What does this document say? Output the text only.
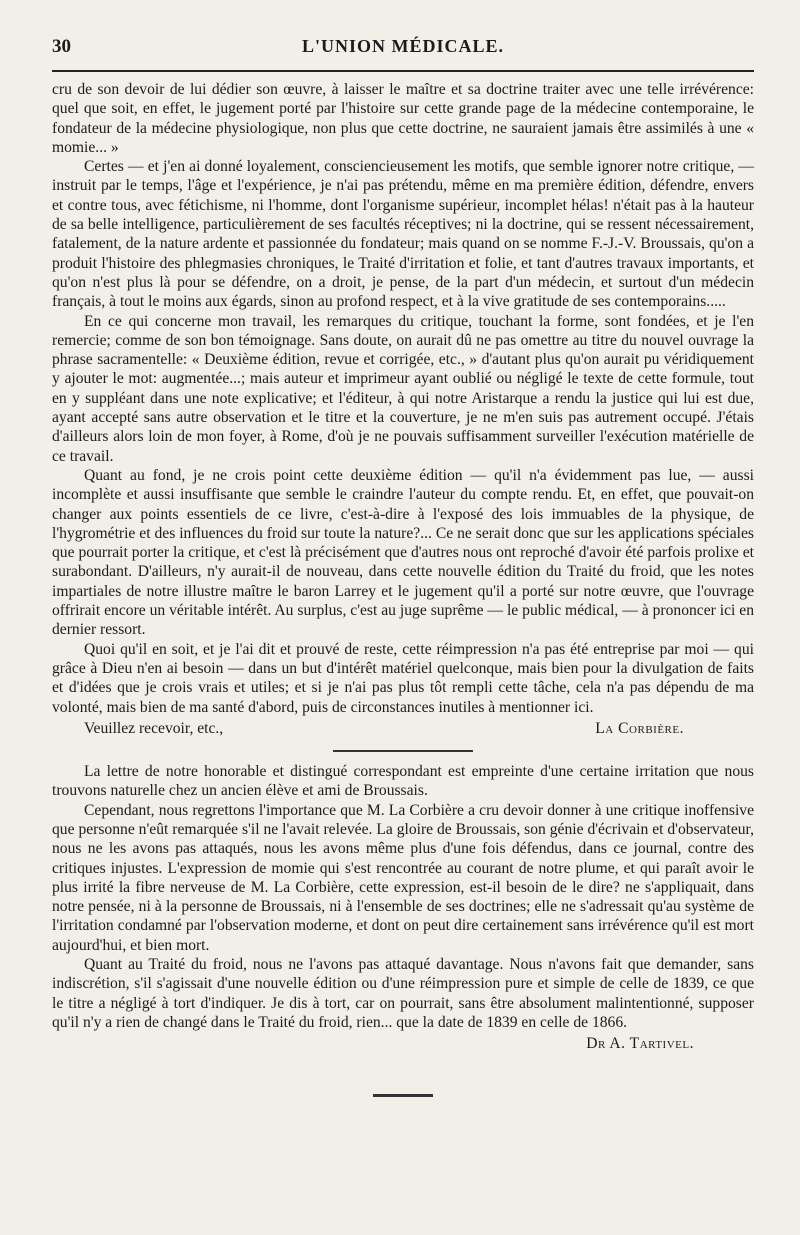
30	L'UNION MÉDICALE.

cru de son devoir de lui dédier son œuvre, à laisser le maître et sa doctrine traiter avec une telle irrévérence: quel que soit, en effet, le jugement porté par l'histoire sur cette grande page de la médecine contemporaine, le fondateur de la médecine physiologique, non plus que cette doctrine, ne sauraient jamais être assimilés à une « momie... »

Certes — et j'en ai donné loyalement, consciencieusement les motifs, que semble ignorer notre critique, — instruit par le temps, l'âge et l'expérience, je n'ai pas prétendu, même en ma première édition, défendre, envers et contre tous, avec fétichisme, ni l'homme, dont l'organisme supérieur, incomplet hélas! n'était pas à la hauteur de sa belle intelligence, particulièrement de ses facultés réceptives; ni la doctrine, qui se ressent nécessairement, fatalement, de la nature ardente et passionnée du fondateur; mais quand on se nomme F.-J.-V. Broussais, qu'on a produit l'histoire des phlegmasies chroniques, le Traité d'irritation et folie, et tant d'autres travaux importants, et qu'on n'est plus là pour se défendre, on a droit, je pense, de la part d'un médecin, et surtout d'un médecin français, à tout le moins aux égards, sinon au profond respect, et à la vive gratitude de ses contemporains.....

En ce qui concerne mon travail, les remarques du critique, touchant la forme, sont fondées, et je l'en remercie; comme de son bon témoignage. Sans doute, on aurait dû ne pas omettre au titre du nouvel ouvrage la phrase sacramentelle: « Deuxième édition, revue et corrigée, etc., » d'autant plus qu'on aurait pu véridiquement y ajouter le mot: augmentée...; mais auteur et imprimeur ayant oublié ou négligé le texte de cette formule, tout en y suppléant dans une note explicative; et l'éditeur, à qui notre Aristarque a rendu la justice qui lui est due, ayant accepté sans autre observation et le titre et la couverture, je ne m'en suis pas autrement occupé. J'étais d'ailleurs alors loin de mon foyer, à Rome, d'où je ne pouvais suffisamment surveiller l'exécution matérielle de ce travail.

Quant au fond, je ne crois point cette deuxième édition — qu'il n'a évidemment pas lue, — aussi incomplète et aussi insuffisante que semble le craindre l'auteur du compte rendu. Et, en effet, que pouvait-on changer aux points essentiels de ce livre, c'est-à-dire à l'exposé des lois immuables de la physique, de l'hygrométrie et des influences du froid sur toute la nature?... Ce ne serait donc que sur les applications spéciales que pourrait porter la critique, et c'est là précisément que d'autres nous ont reproché d'avoir été parfois prolixe et surabondant. D'ailleurs, n'y aurait-il de nouveau, dans cette nouvelle édition du Traité du froid, que les notes impartiales de notre illustre maître le baron Larrey et le jugement qu'il a porté sur notre œuvre, que l'ouvrage offrirait encore un véritable intérêt. Au surplus, c'est au juge suprême — le public médical, — à prononcer ici en dernier ressort.

Quoi qu'il en soit, et je l'ai dit et prouvé de reste, cette réimpression n'a pas été entreprise par moi — qui grâce à Dieu n'en ai besoin — dans un but d'intérêt matériel quelconque, mais bien pour la divulgation de faits et d'idées que je crois vrais et utiles; et si je n'ai pas plus tôt rempli cette tâche, cela n'a pas dépendu de ma volonté, mais bien de ma santé d'abord, puis de circonstances inutiles à mentionner ici.

Veuillez recevoir, etc.,	La Corbière.

La lettre de notre honorable et distingué correspondant est empreinte d'une certaine irritation que nous trouvons naturelle chez un ancien élève et ami de Broussais.

Cependant, nous regrettons l'importance que M. La Corbière a cru devoir donner à une critique inoffensive que personne n'eût remarquée s'il ne l'avait relevée. La gloire de Broussais, son génie d'écrivain et d'observateur, nous ne les avons pas attaqués, nous les avons même plus d'une fois défendus, dans ce journal, contre des critiques injustes. L'expression de momie qui s'est rencontrée au courant de notre plume, et qui paraît avoir le plus irrité la fibre nerveuse de M. La Corbière, cette expression, est-il besoin de le dire? ne s'appliquait, dans notre pensée, ni à la personne de Broussais, ni à l'ensemble de ses doctrines; elle ne s'adressait qu'au système de l'irritation condamné par l'observation moderne, et dont on peut dire certainement sans irrévérence qu'il est mort aujourd'hui, et bien mort.

Quant au Traité du froid, nous ne l'avons pas attaqué davantage. Nous n'avons fait que demander, sans indiscrétion, s'il s'agissait d'une nouvelle édition ou d'une réimpression pure et simple de celle de 1839, ce que le titre a négligé à tort d'indiquer. Je dis à tort, car on pourrait, sans être absolument malintentionné, supposer qu'il n'y a rien de changé dans le Traité du froid, rien... que la date de 1839 en celle de 1866.

Dr A. Tartivel.
